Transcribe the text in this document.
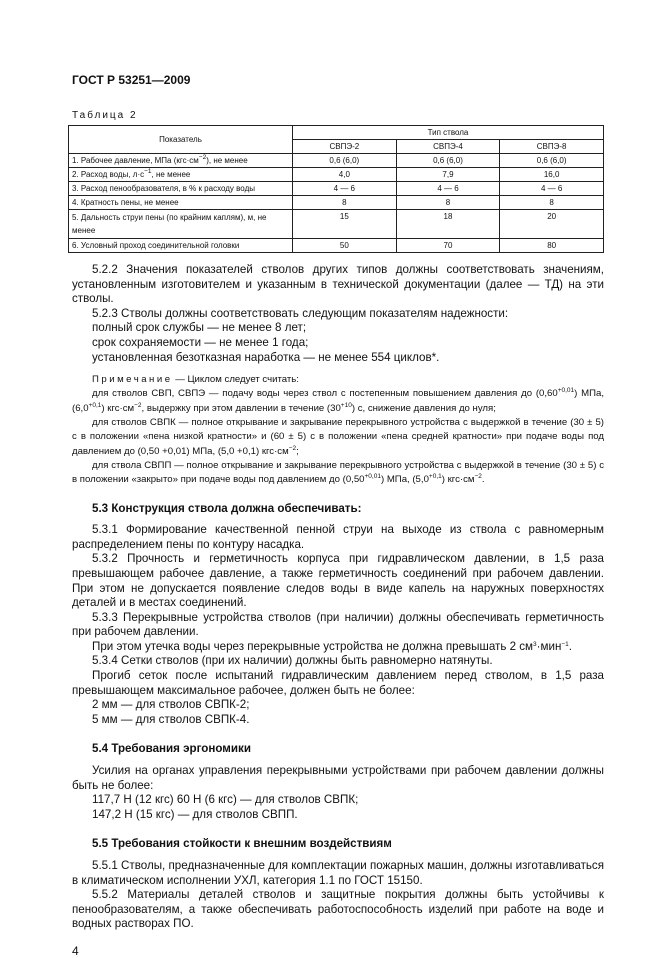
ГОСТ Р 53251—2009
Таблица 2
Показатель	Тип ствола		
	СВПЭ-2	СВПЭ-4	СВПЭ-8
1. Рабочее давление, МПа $(кгс\cdot см^{-2})$, не менее	0,6 (6,0)	0,6 (6,0)	0,6 (6,0)
2. Расход воды, $л\cdot с^{-1}$, не менее	4,0	7,9	16,0
3. Расход пенообразователя, в % к расходу воды	4 — 6	4 — 6	4 — 6
4. Кратность пены, не менее	8	8	8
5. Дальность струи пены (по крайним каплям), м, не менее	15	18	20
6. Условный проход соединительной головки	50	70	80

5.2.2 Значения показателей стволов других типов должны соответствовать значениям, установленным изготовителем и указанным в технической документации (далее — ТД) на эти стволы.

5.2.3 Стволы должны соответствовать следующим показателям надежности:

полный срок службы — не менее 8 лет;

срок сохраняемости — не менее 1 года;

установленная безотказная наработка — не менее 554 циклов*.

Примечание — Циклом следует считать:

для стволов СВП, СВПЭ — подачу воды через ствол с постепенным повышением давления до $(0,60^{+0,01})$ МПа, $(6,0^{+0,1})$ $кгс\cdot см^{-2}$, выдержку при этом давлении в течение $(30^{+10})$ с, снижение давления до нуля;

для стволов СВПК — полное открывание и закрывание перекрывного устройства с выдержкой в течение (30 ± 5) с в положении «пена низкой кратности» и (60 ± 5) с в положении «пена средней кратности» при подаче воды под давлением до (0,50 +0,01) МПа, (5,0 +0,1) $кгс\cdot см^{-2}$;

для ствола СВПП — полное открывание и закрывание перекрывного устройства с выдержкой в течение (30 ± 5) с в положении «закрыто» при подаче воды под давлением до $(0,50^{+0,01})$ МПа, $(5,0^{+0,1})$ $кгс\cdot см^{-2}$.

5.3 Конструкция ствола должна обеспечивать:

5.3.1 Формирование качественной пенной струи на выходе из ствола с равномерным распределением пены по контуру насадка.

5.3.2 Прочность и герметичность корпуса при гидравлическом давлении, в 1,5 раза превышающем рабочее давление, а также герметичность соединений при рабочем давлении. При этом не допускается появление следов воды в виде капель на наружных поверхностях деталей и в местах соединений.

5.3.3 Перекрывные устройства стволов (при наличии) должны обеспечивать герметичность при рабочем давлении.

При этом утечка воды через перекрывные устройства не должна превышать 2 $см^3\cdot мин^{-1}$.

5.3.4 Сетки стволов (при их наличии) должны быть равномерно натянуты.

Прогиб сеток после испытаний гидравлическим давлением перед стволом, в 1,5 раза превышающем максимальное рабочее, должен быть не более:

2 мм — для стволов СВПК-2;

5 мм — для стволов СВПК-4.

5.4 Требования эргономики

Усилия на органах управления перекрывными устройствами при рабочем давлении должны быть не более:

117,7 Н (12 кгс) 60 Н (6 кгс) — для стволов СВПК;

147,2 Н (15 кгс) — для стволов СВПП.

5.5 Требования стойкости к внешним воздействиям

5.5.1 Стволы, предназначенные для комплектации пожарных машин, должны изготавливаться в климатическом исполнении УХЛ, категория 1.1 по ГОСТ 15150.

5.5.2 Материалы деталей стволов и защитные покрытия должны быть устойчивы к пенообразователям, а также обеспечивать работоспособность изделий при работе на воде и водных растворах ПО.

4
